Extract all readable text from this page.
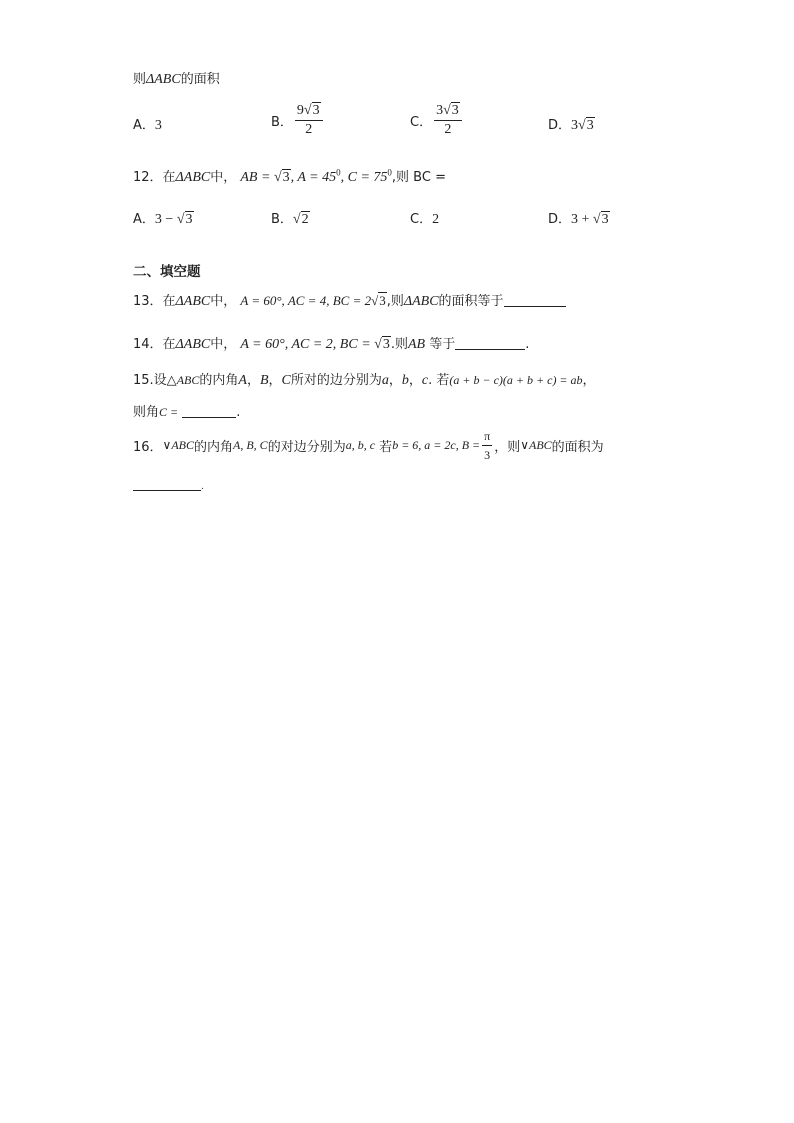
则ΔABC的面积
A．3	B． $\frac{9√3}{2}$	C． $\frac{3√3}{2}$	D．3√3
12．在ΔABC中， AB = √3, $A = 45^0$, $C = 75^0$,则 BC =
A．3 − √3	B．√2	C．2	D．3 + √3
二、填空题
13．在ΔABC中， A = 60°, AC = 4, BC = 2√3,则ΔABC的面积等于
14．在ΔABC中， A = 60°, AC = 2, BC = √3.则AB 等于	.
15.设△ABC的内角A，B，C所对的边分别为a，b，c. 若(a + b − c)(a + b + c) = ab，
则角C =	.
16．∨ABC的内角A, B, C的对边分别为a, b, c 若b = 6, a = 2c, $B = \frac{\pi}{3}$ ，则∨ABC的面积为
.
